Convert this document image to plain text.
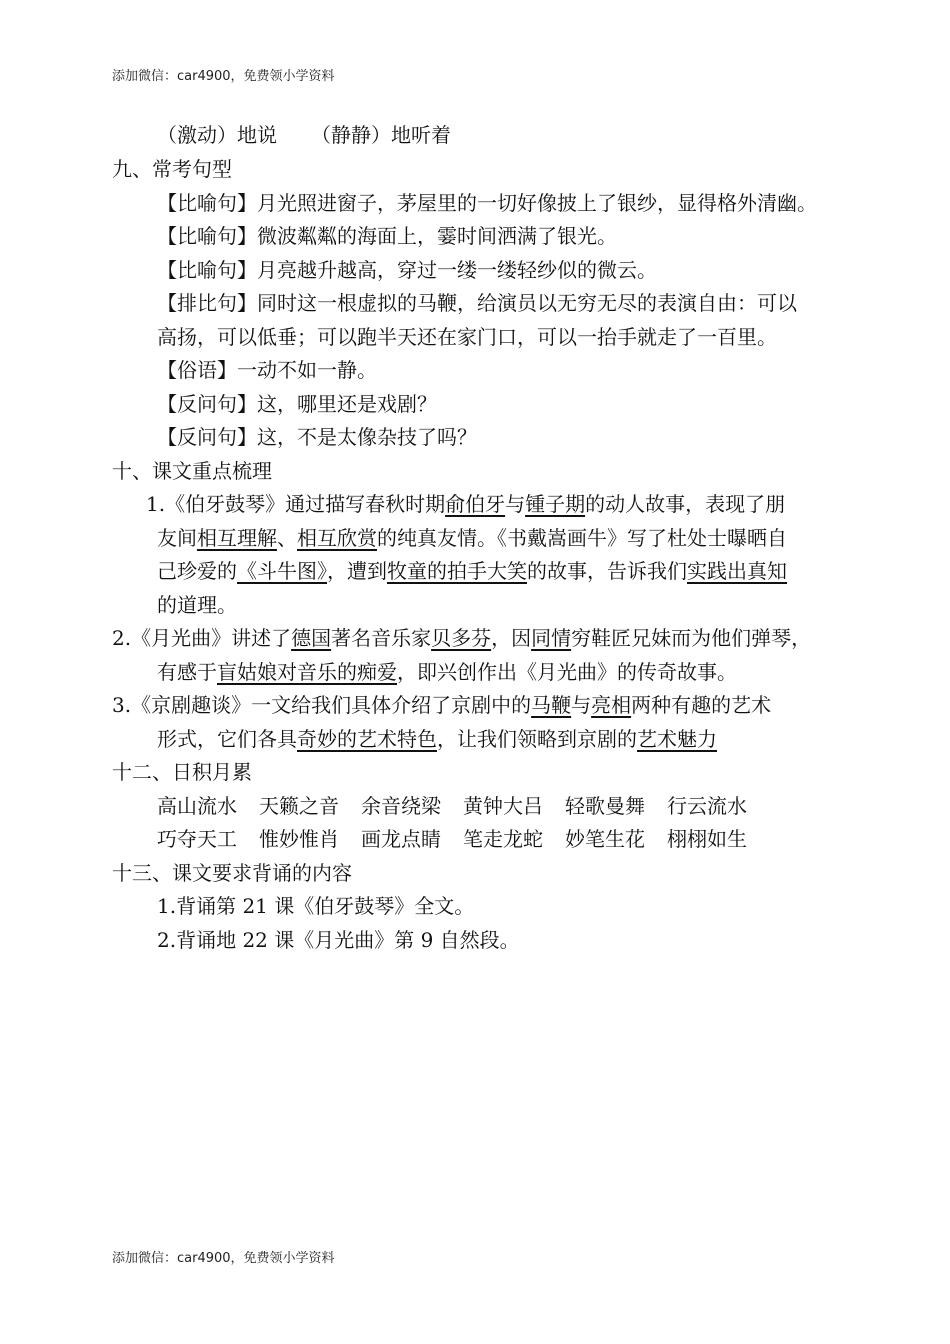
添加微信：car4900，免费领小学资料
（激动）地说 （静静）地听着
九、常考句型
【比喻句】月光照进窗子，茅屋里的一切好像披上了银纱，显得格外清幽。
【比喻句】微波粼粼的海面上，霎时间洒满了银光。
【比喻句】月亮越升越高，穿过一缕一缕轻纱似的微云。
【排比句】同时这一根虚拟的马鞭，给演员以无穷无尽的表演自由：可以
高扬，可以低垂；可以跑半天还在家门口，可以一抬手就走了一百里。
【俗语】一动不如一静。
【反问句】这，哪里还是戏剧？
【反问句】这，不是太像杂技了吗？
十、课文重点梳理
1.《伯牙鼓琴》通过描写春秋时期俞伯牙与锺子期的动人故事，表现了朋
友间相互理解、相互欣赏的纯真友情。《书戴嵩画牛》写了杜处士曝晒自
己珍爱的《斗牛图》，遭到牧童的拍手大笑的故事，告诉我们实践出真知
的道理。
2.《月光曲》讲述了德国著名音乐家贝多芬，因同情穷鞋匠兄妹而为他们弹琴，
有感于盲姑娘对音乐的痴爱，即兴创作出《月光曲》的传奇故事。
3.《京剧趣谈》一文给我们具体介绍了京剧中的马鞭与亮相两种有趣的艺术
形式，它们各具奇妙的艺术特色，让我们领略到京剧的艺术魅力
十二、日积月累
高山流水 天籁之音 余音绕梁 黄钟大吕 轻歌曼舞 行云流水
巧夺天工 惟妙惟肖 画龙点睛 笔走龙蛇 妙笔生花 栩栩如生
十三、课文要求背诵的内容
1.背诵第 21 课《伯牙鼓琴》全文。
2.背诵地 22 课《月光曲》第 9 自然段。
添加微信：car4900，免费领小学资料
